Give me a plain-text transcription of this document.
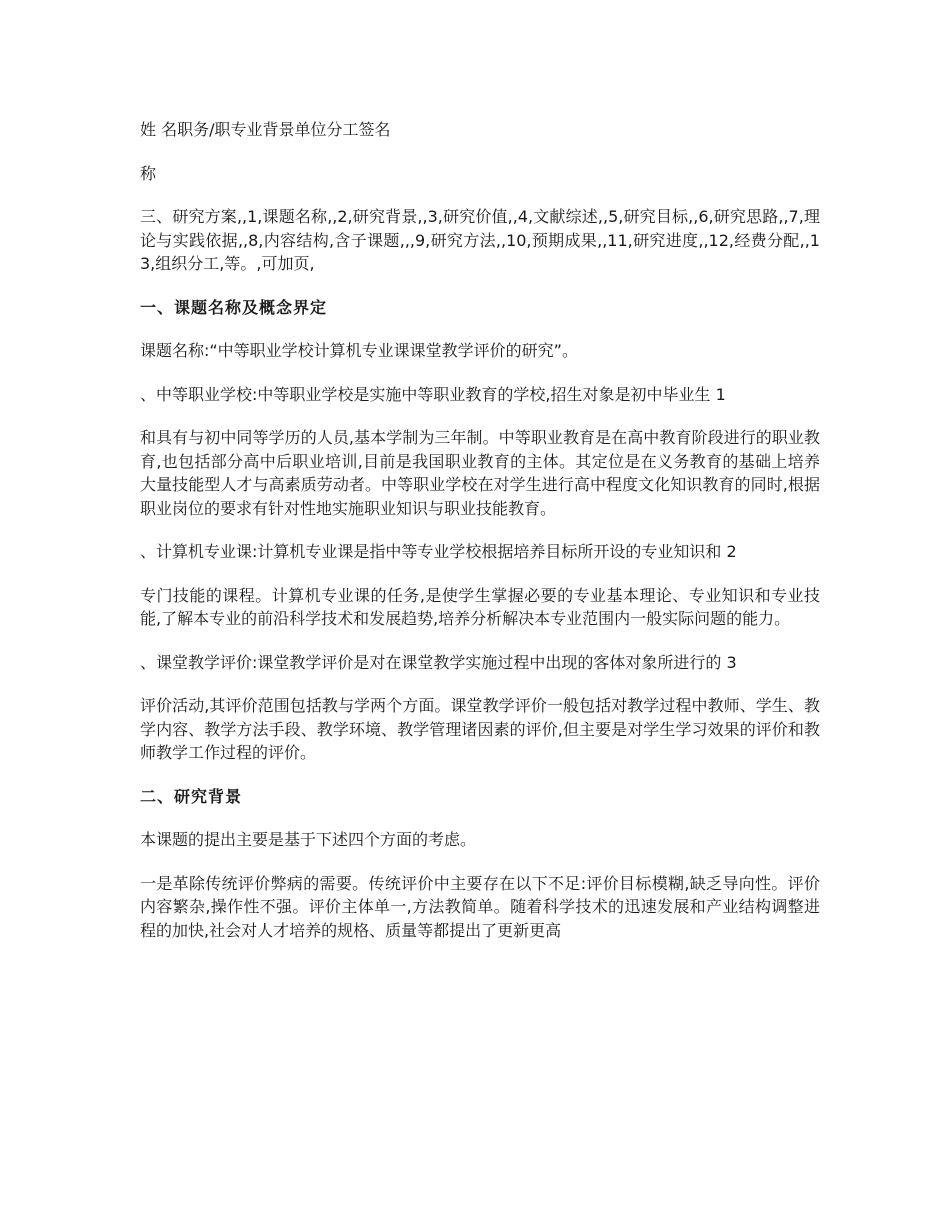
姓 名职务/职专业背景单位分工签名

称

三、研究方案,,1,课题名称,,2,研究背景,,3,研究价值,,4,文献综述,,5,研究目标,,6,研究思路,,7,理论与实践依据,,8,内容结构,含子课题,,,9,研究方法,,10,预期成果,,11,研究进度,,12,经费分配,,13,组织分工,等。,可加页,

一、课题名称及概念界定

课题名称:“中等职业学校计算机专业课课堂教学评价的研究”。

、中等职业学校:中等职业学校是实施中等职业教育的学校,招生对象是初中毕业生 1

和具有与初中同等学历的人员,基本学制为三年制。中等职业教育是在高中教育阶段进行的职业教育,也包括部分高中后职业培训,目前是我国职业教育的主体。其定位是在义务教育的基础上培养大量技能型人才与高素质劳动者。中等职业学校在对学生进行高中程度文化知识教育的同时,根据职业岗位的要求有针对性地实施职业知识与职业技能教育。

、计算机专业课:计算机专业课是指中等专业学校根据培养目标所开设的专业知识和 2

专门技能的课程。计算机专业课的任务,是使学生掌握必要的专业基本理论、专业知识和专业技能,了解本专业的前沿科学技术和发展趋势,培养分析解决本专业范围内一般实际问题的能力。

、课堂教学评价:课堂教学评价是对在课堂教学实施过程中出现的客体对象所进行的 3

评价活动,其评价范围包括教与学两个方面。课堂教学评价一般包括对教学过程中教师、学生、教学内容、教学方法手段、教学环境、教学管理诸因素的评价,但主要是对学生学习效果的评价和教师教学工作过程的评价。

二、研究背景

本课题的提出主要是基于下述四个方面的考虑。

一是革除传统评价弊病的需要。传统评价中主要存在以下不足:评价目标模糊,缺乏导向性。评价内容繁杂,操作性不强。评价主体单一,方法教简单。随着科学技术的迅速发展和产业结构调整进程的加快,社会对人才培养的规格、质量等都提出了更新更高
